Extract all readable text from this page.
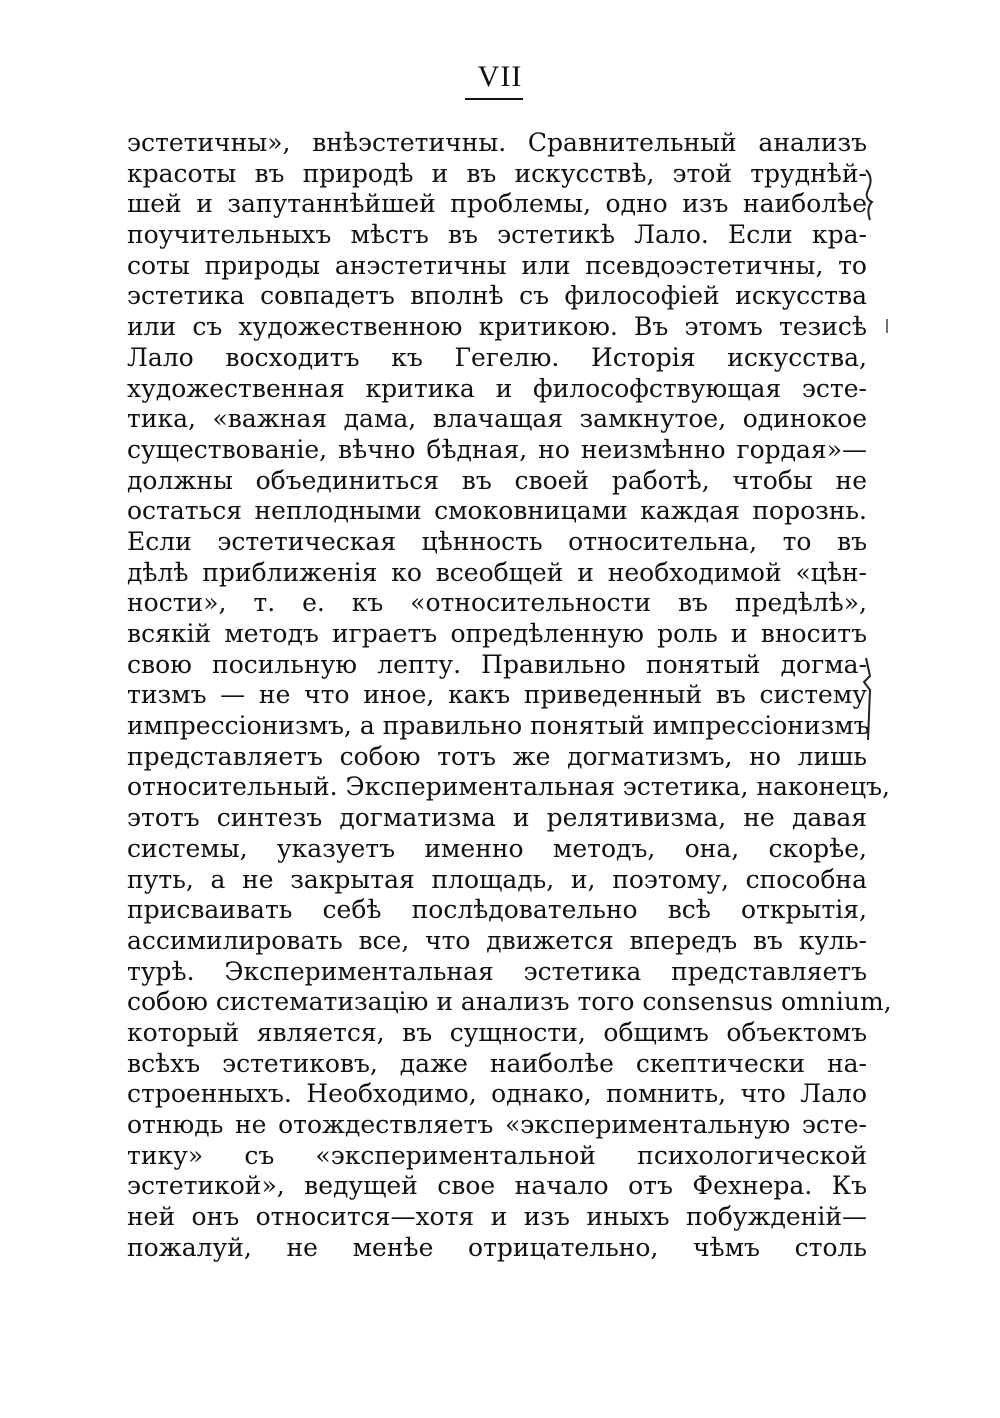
VII
эстетичны», внѣэстетичны. Сравнительный анализъ
красоты въ природѣ и въ искусствѣ, этой труднѣй-
шей и запутаннѣйшей проблемы, одно изъ наиболѣе
поучительныхъ мѣстъ въ эстетикѣ Лало. Если кра-
соты природы анэстетичны или псевдоэстетичны, то
эстетика совпадетъ вполнѣ съ философіей искусства
или съ художественною критикою. Въ этомъ тезисѣ
Лало восходитъ къ Гегелю. Исторія искусства,
художественная критика и философствующая эсте-
тика, «важная дама, влачащая замкнутое, одинокое
существованіе, вѣчно бѣдная, но неизмѣнно гордая»—
должны объединиться въ своей работѣ, чтобы не
остаться неплодными смоковницами каждая порознь.
Если эстетическая цѣнность относительна, то въ
дѣлѣ приближенія ко всеобщей и необходимой «цѣн-
ности», т. е. къ «относительности въ предѣлѣ»,
всякій методъ играетъ опредѣленную роль и вноситъ
свою посильную лепту. Правильно понятый догма-
тизмъ — не что иное, какъ приведенный въ систему
импрессіонизмъ, а правильно понятый импрессіонизмъ
представляетъ собою тотъ же догматизмъ, но лишь
относительный. Экспериментальная эстетика, наконецъ,
этотъ синтезъ догматизма и релятивизма, не давая
системы, указуетъ именно методъ, она, скорѣе,
путь, а не закрытая площадь, и, поэтому, способна
присваивать себѣ послѣдовательно всѣ открытія,
ассимилировать все, что движется впередъ въ куль-
турѣ. Экспериментальная эстетика представляетъ
собою систематизацію и анализъ того consensus omnium,
который является, въ сущности, общимъ объектомъ
всѣхъ эстетиковъ, даже наиболѣе скептически на-
строенныхъ. Необходимо, однако, помнить, что Лало
отнюдь не отождествляетъ «экспериментальную эсте-
тику» съ «экспериментальной психологической
эстетикой», ведущей свое начало отъ Фехнера. Къ
ней онъ относится—хотя и изъ иныхъ побужденій—
пожалуй, не менѣе отрицательно, чѣмъ столь
